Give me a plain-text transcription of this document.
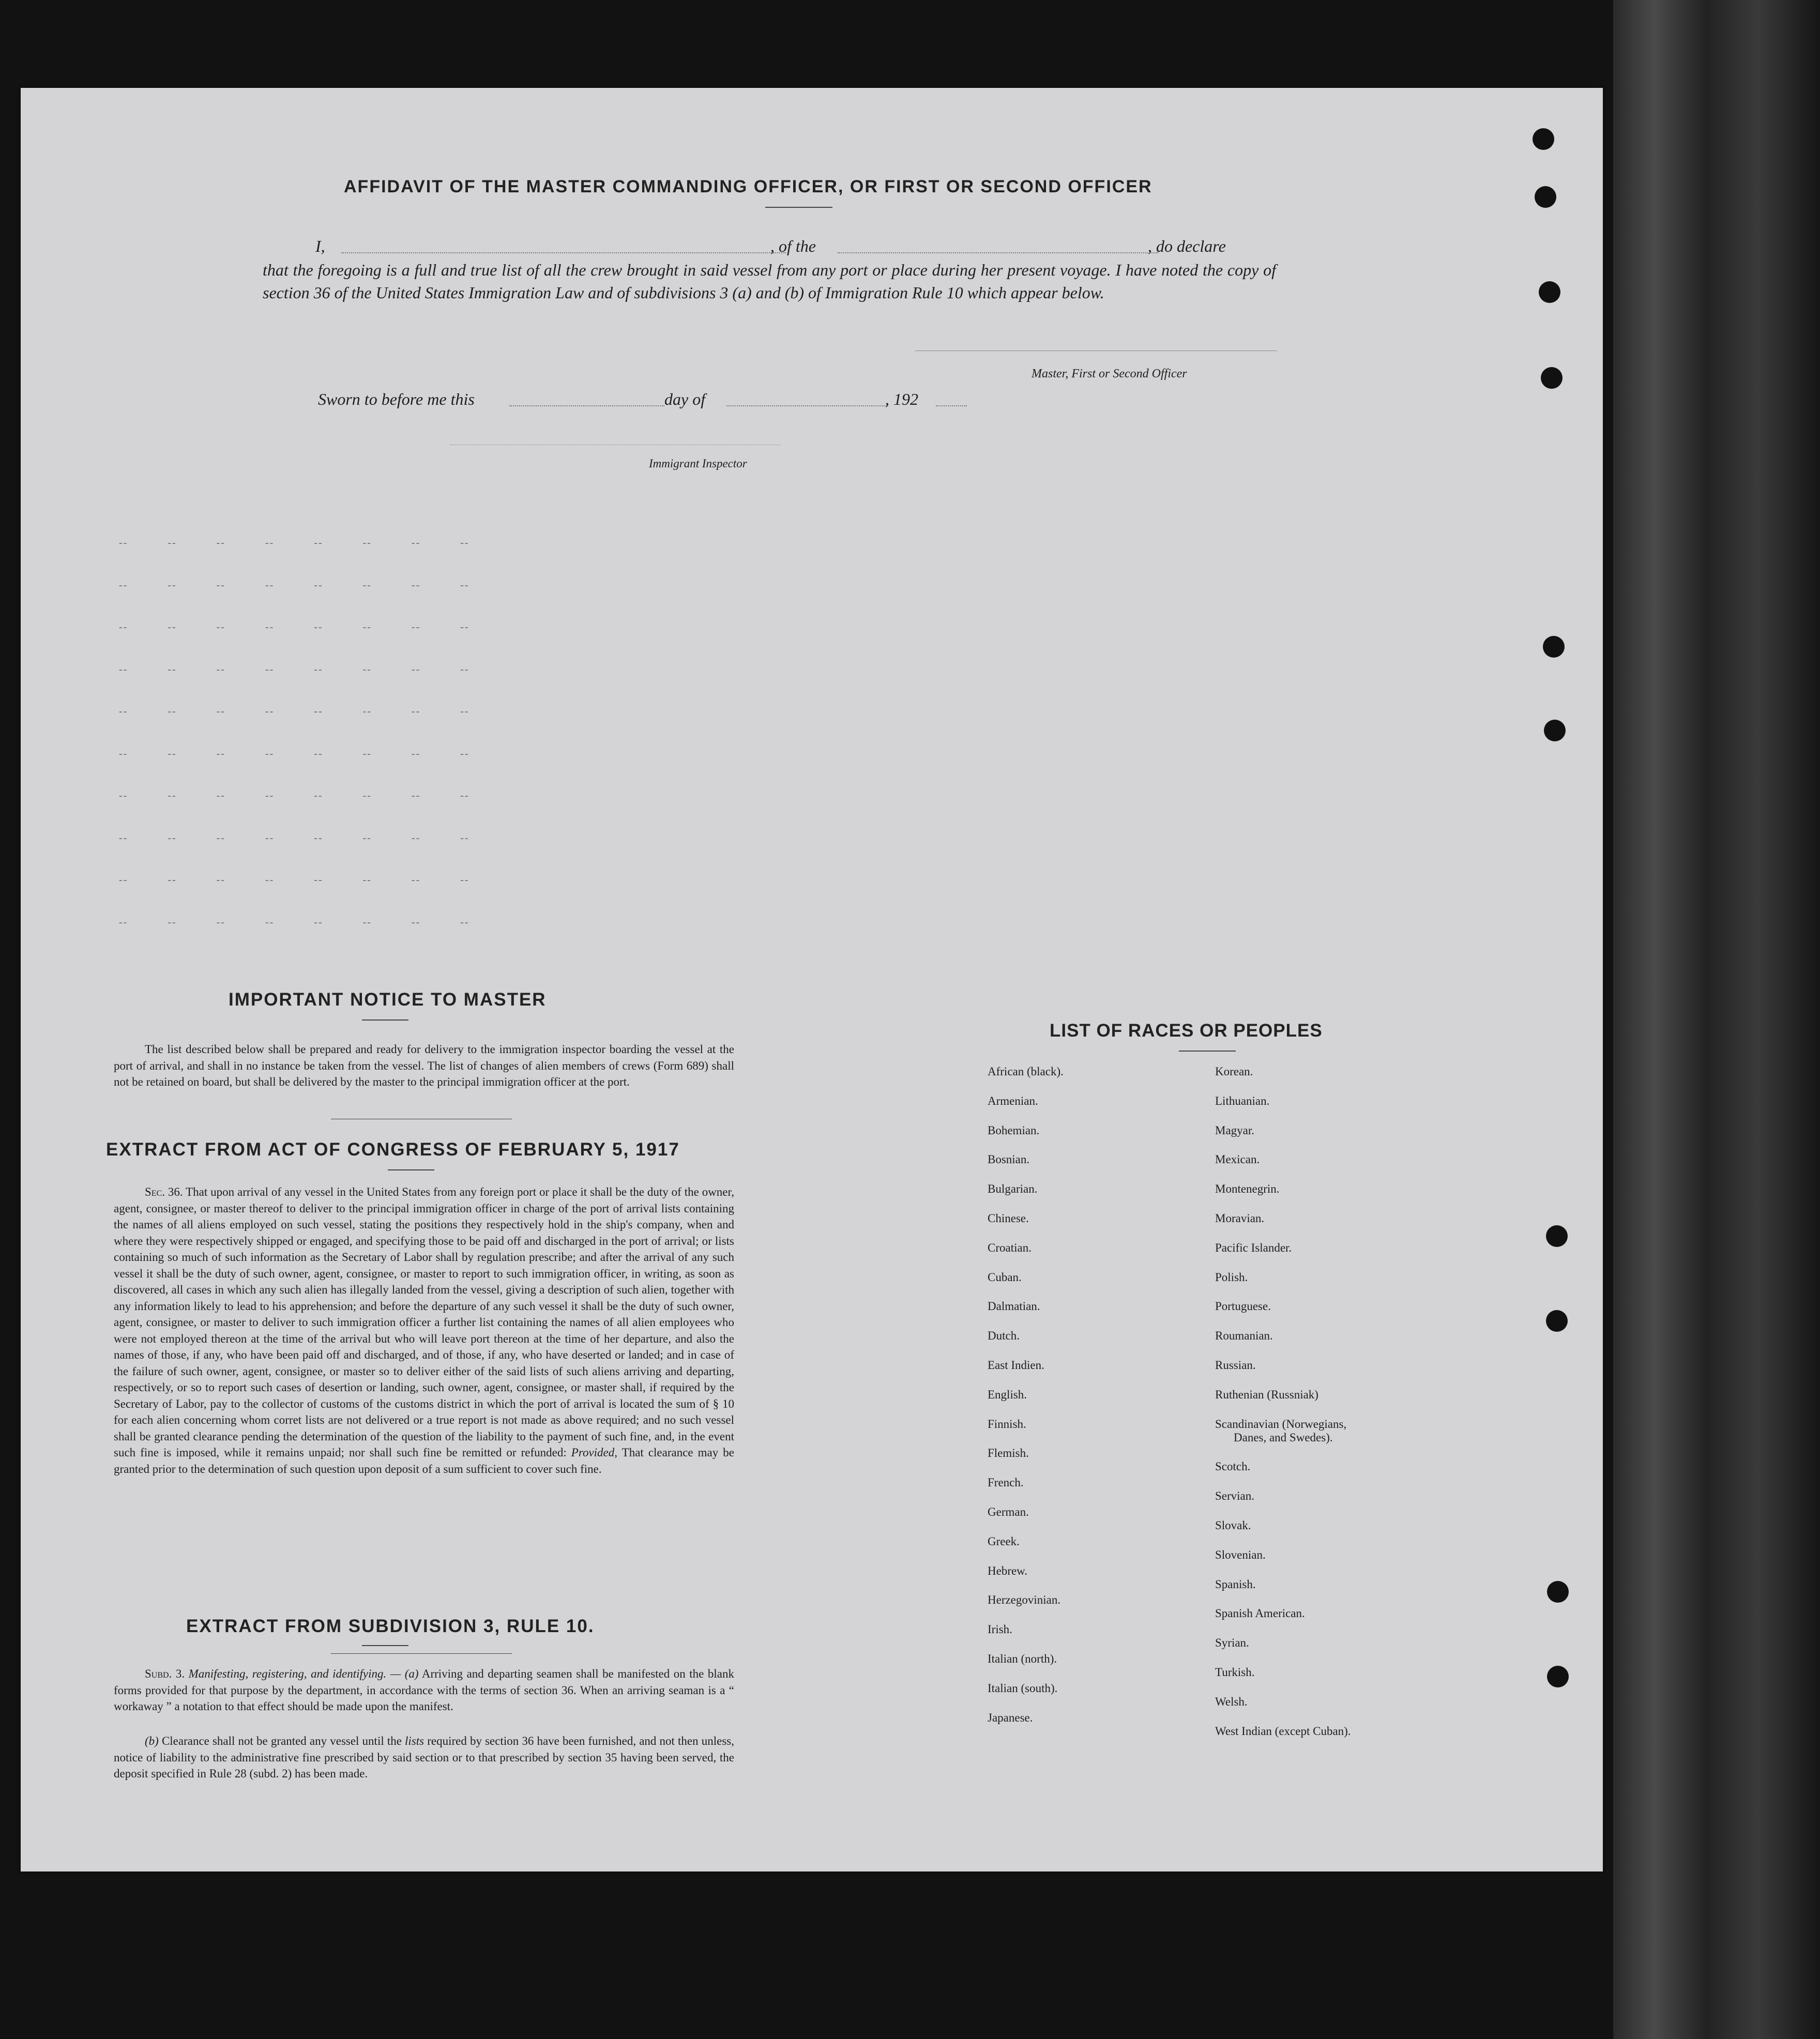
AFFIDAVIT OF THE MASTER COMMANDING OFFICER, OR FIRST OR SECOND OFFICER
I,	, of the	, do declare
that the foregoing is a full and true list of all the crew brought in said vessel from any port or place during her present voyage. I have noted the copy of section 36 of the United States Immigration Law and of subdivisions 3 (a) and (b) of Immigration Rule 10 which appear below.
Master, First or Second Officer
Sworn to before me this	day of	, 192
Immigrant Inspector
--           --           --           --           --           --           --           --
--           --           --           --           --           --           --           --
--           --           --           --           --           --           --           --
--           --           --           --           --           --           --           --
--           --           --           --           --           --           --           --
--           --           --           --           --           --           --           --
--           --           --           --           --           --           --           --
--           --           --           --           --           --           --           --
--           --           --           --           --           --           --           --
--           --           --           --           --           --           --           --
IMPORTANT NOTICE TO MASTER
The list described below shall be prepared and ready for delivery to the immigration inspector boarding the vessel at the port of arrival, and shall in no instance be taken from the vessel. The list of changes of alien members of crews (Form 689) shall not be retained on board, but shall be delivered by the master to the principal immigration officer at the port.
EXTRACT FROM ACT OF CONGRESS OF FEBRUARY 5, 1917
Sec. 36. That upon arrival of any vessel in the United States from any foreign port or place it shall be the duty of the owner, agent, consignee, or master thereof to deliver to the principal immigration officer in charge of the port of arrival lists containing the names of all aliens employed on such vessel, stating the positions they respectively hold in the ship's company, when and where they were respectively shipped or engaged, and specifying those to be paid off and discharged in the port of arrival; or lists containing so much of such information as the Secretary of Labor shall by regulation prescribe; and after the arrival of any such vessel it shall be the duty of such owner, agent, consignee, or master to report to such immigration officer, in writing, as soon as discovered, all cases in which any such alien has illegally landed from the vessel, giving a description of such alien, together with any information likely to lead to his apprehension; and before the departure of any such vessel it shall be the duty of such owner, agent, consignee, or master to deliver to such immigration officer a further list containing the names of all alien employees who were not employed thereon at the time of the arrival but who will leave port thereon at the time of her departure, and also the names of those, if any, who have been paid off and discharged, and of those, if any, who have deserted or landed; and in case of the failure of such owner, agent, consignee, or master so to deliver either of the said lists of such aliens arriving and departing, respectively, or so to report such cases of desertion or landing, such owner, agent, consignee, or master shall, if required by the Secretary of Labor, pay to the collector of customs of the customs district in which the port of arrival is located the sum of § 10 for each alien concerning whom corret lists are not delivered or a true report is not made as above required; and no such vessel shall be granted clearance pending the determination of the question of the liability to the payment of such fine, and, in the event such fine is imposed, while it remains unpaid; nor shall such fine be remitted or refunded: Provided, That clearance may be granted prior to the determination of such question upon deposit of a sum sufficient to cover such fine.
EXTRACT FROM SUBDIVISION 3, RULE 10.
Subd. 3. Manifesting, registering, and identifying. — (a) Arriving and departing seamen shall be manifested on the blank forms provided for that purpose by the department, in accordance with the terms of section 36. When an arriving seaman is a “ workaway ” a notation to that effect should be made upon the manifest.
(b) Clearance shall not be granted any vessel until the lists required by section 36 have been furnished, and not then unless, notice of liability to the administrative fine prescribed by said section or to that prescribed by section 35 having been served, the deposit specified in Rule 28 (subd. 2) has been made.
LIST OF RACES OR PEOPLES
African (black).
Armenian.
Bohemian.
Bosnian.
Bulgarian.
Chinese.
Croatian.
Cuban.
Dalmatian.
Dutch.
East Indien.
English.
Finnish.
Flemish.
French.
German.
Greek.
Hebrew.
Herzegovinian.
Irish.
Italian (north).
Italian (south).
Japanese.
Korean.
Lithuanian.
Magyar.
Mexican.
Montenegrin.
Moravian.
Pacific Islander.
Polish.
Portuguese.
Roumanian.
Russian.
Ruthenian (Russniak)
Scandinavian (Norwegians,
Danes, and Swedes).
Scotch.
Servian.
Slovak.
Slovenian.
Spanish.
Spanish American.
Syrian.
Turkish.
Welsh.
West Indian (except Cuban).
